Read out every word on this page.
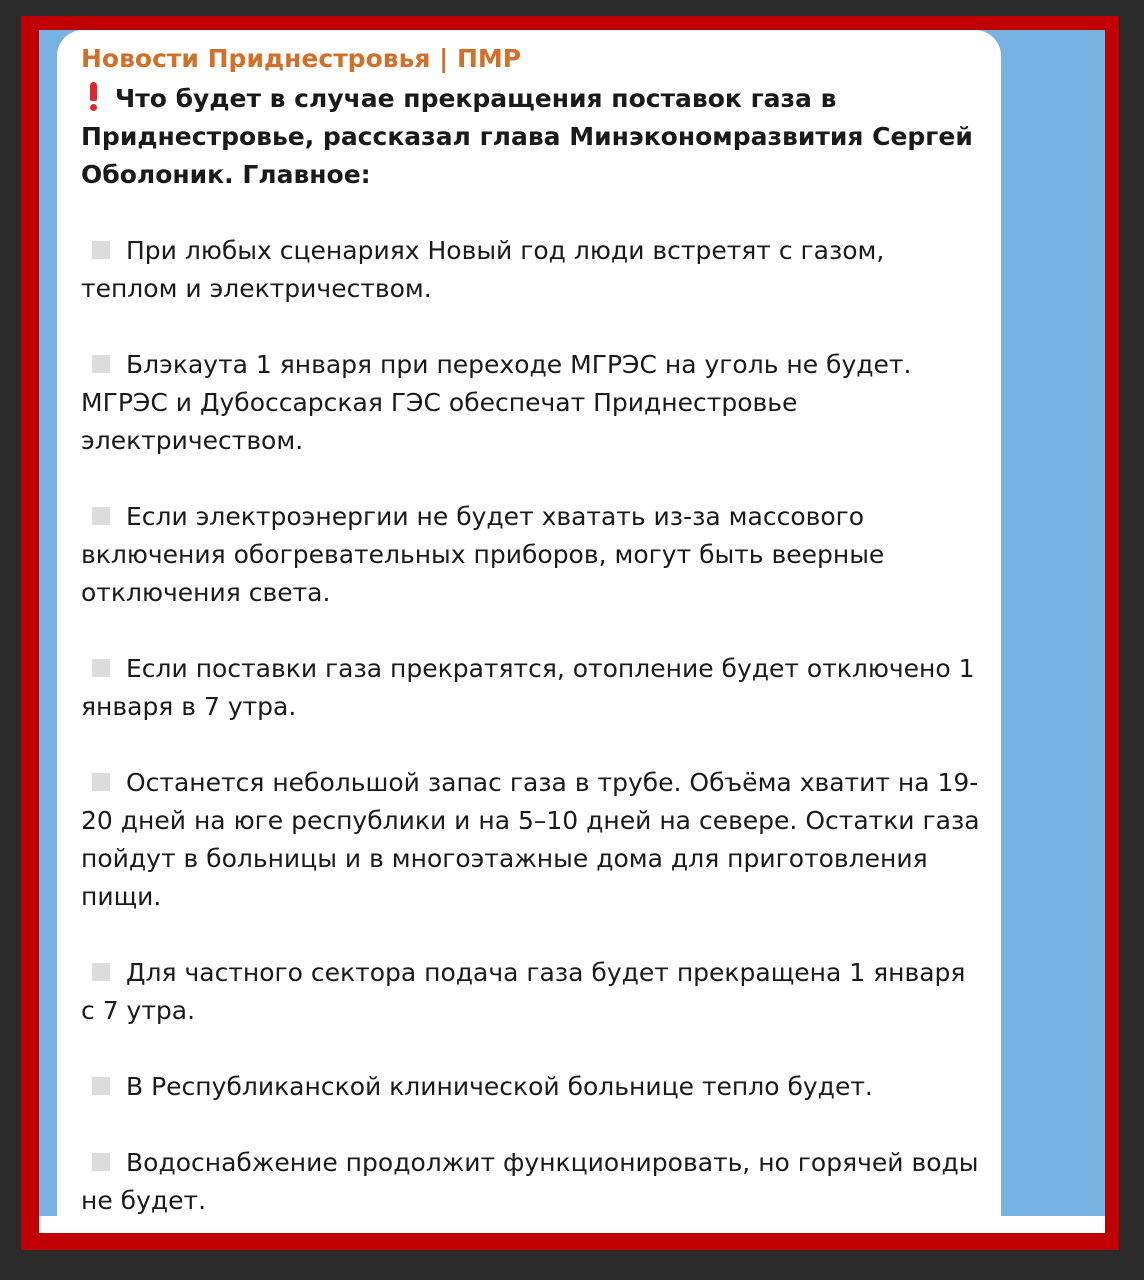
Новости Приднестровья | ПМР

Что будет в случае прекращения поставок газа в Приднестровье, рассказал глава Минэкономразвития Сергей Оболоник. Главное:

При любых сценариях Новый год люди встретят с газом, теплом и электричеством.

Блэкаута 1 января при переходе МГРЭС на уголь не будет. МГРЭС и Дубоссарская ГЭС обеспечат Приднестровье электричеством.

Если электроэнергии не будет хватать из-за массового включения обогревательных приборов, могут быть веерные отключения света.

Если поставки газа прекратятся, отопление будет отключено 1 января в 7 утра.

Останется небольшой запас газа в трубе. Объёма хватит на 19-20 дней на юге республики и на 5–10 дней на севере. Остатки газа пойдут в больницы и в многоэтажные дома для приготовления пищи.

Для частного сектора подача газа будет прекращена 1 января с 7 утра.

В Республиканской клинической больнице тепло будет.

Водоснабжение продолжит функционировать, но горячей воды не будет.
